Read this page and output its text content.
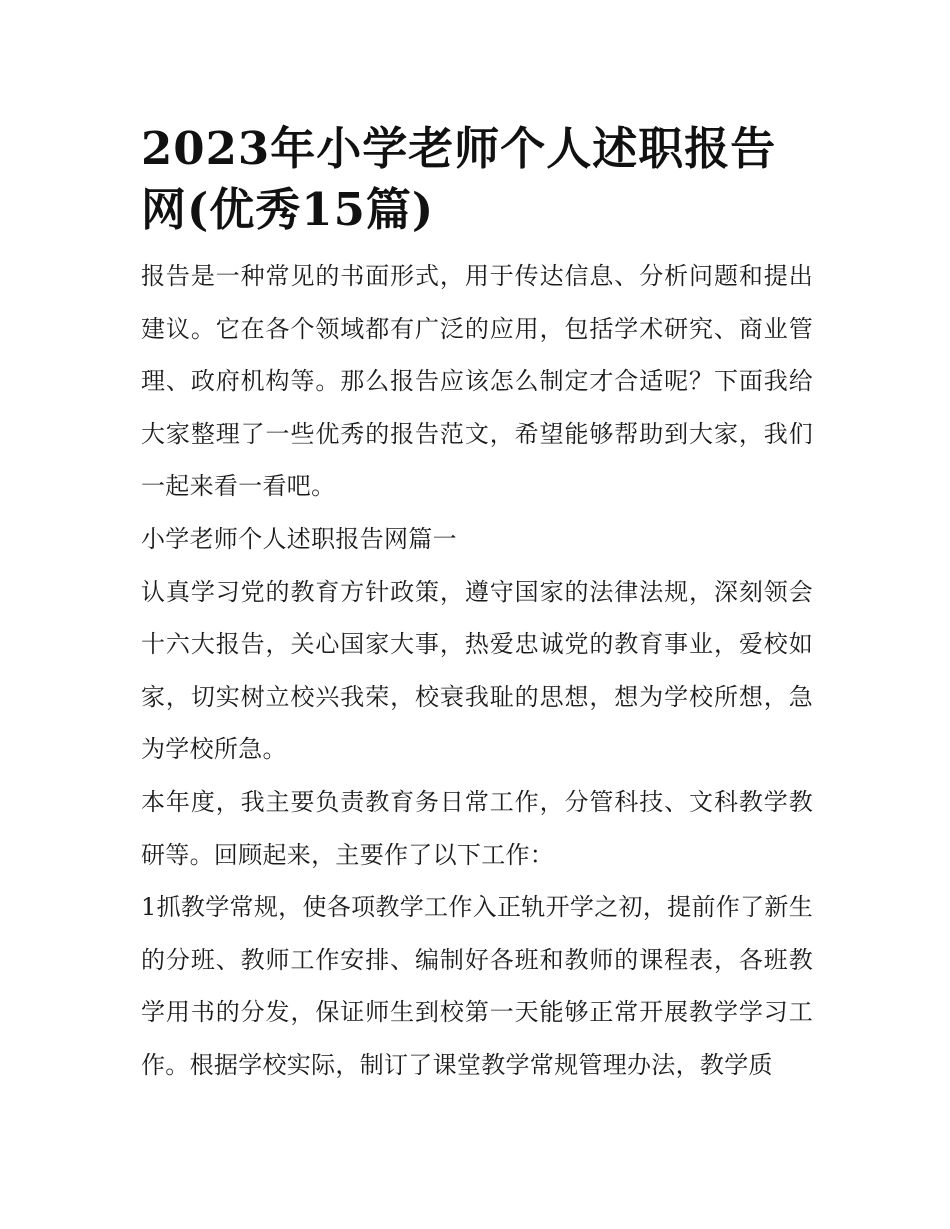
2023年小学老师个人述职报告网(优秀15篇)

报告是一种常见的书面形式，用于传达信息、分析问题和提出建议。它在各个领域都有广泛的应用，包括学术研究、商业管理、政府机构等。那么报告应该怎么制定才合适呢？下面我给大家整理了一些优秀的报告范文，希望能够帮助到大家，我们一起来看一看吧。

小学老师个人述职报告网篇一

认真学习党的教育方针政策，遵守国家的法律法规，深刻领会十六大报告，关心国家大事，热爱忠诚党的教育事业，爱校如家，切实树立校兴我荣，校衰我耻的思想，想为学校所想，急为学校所急。

本年度，我主要负责教育务日常工作，分管科技、文科教学教研等。回顾起来，主要作了以下工作：

1抓教学常规，使各项教学工作入正轨开学之初，提前作了新生的分班、教师工作安排、编制好各班和教师的课程表，各班教学用书的分发，保证师生到校第一天能够正常开展教学学习工作。根据学校实际，制订了课堂教学常规管理办法，教学质
